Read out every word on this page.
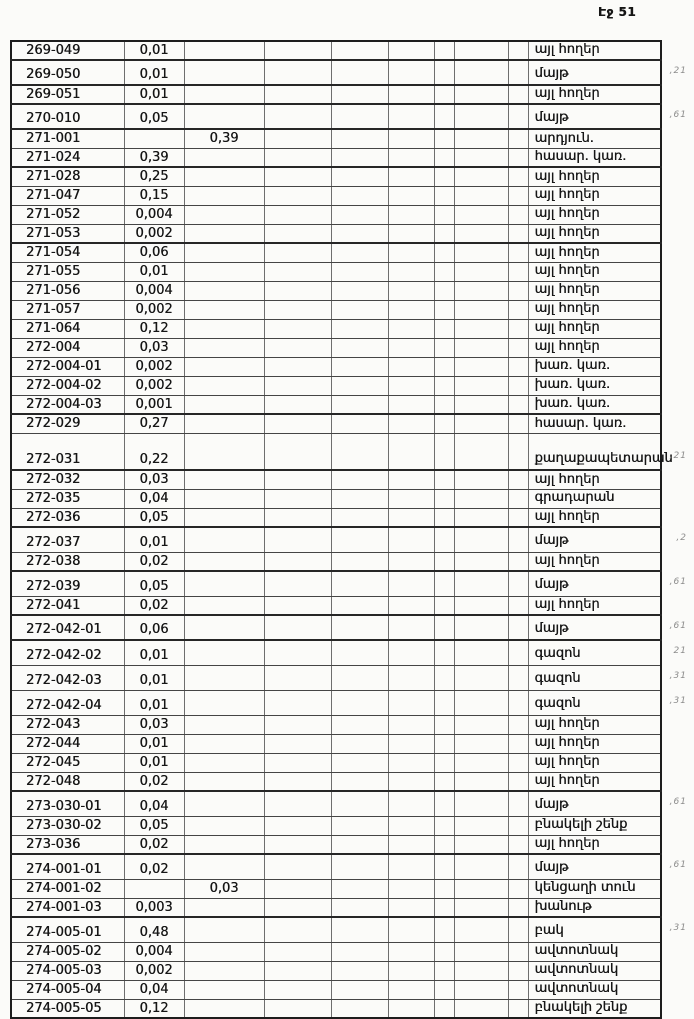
Էջ 51
269-049	0,01								այլ հողեր
269-050	0,01								մայթ ,21

269-051	0,01								այլ հողեր
270-010	0,05								մայթ ,61

271-001		0,39							արդյուն.
271-024	0,39								հասար. կառ.
271-028	0,25								այլ հողեր
271-047	0,15								այլ հողեր
271-052	0,004								այլ հողեր
271-053	0,002								այլ հողեր
271-054	0,06								այլ հողեր
271-055	0,01								այլ հողեր
271-056	0,004								այլ հողեր
271-057	0,002								այլ հողեր
271-064	0,12								այլ հողեր
272-004	0,03								այլ հողեր
272-004-01	0,002								խառ. կառ.
272-004-02	0,002								խառ. կառ.
272-004-03	0,001								խառ. կառ.
272-029	0,27								հասար. կառ.
272-031	0,22								քաղաքապետարան
,21

272-032	0,03								այլ հողեր
272-035	0,04								գրադարան
272-036	0,05								այլ հողեր
272-037	0,01								մայթ ,2

272-038	0,02								այլ հողեր
272-039	0,05								մայթ ,61

272-041	0,02								այլ հողեր
272-042-01	0,06								մայթ ,61

272-042-02	0,01								գազոն 21

272-042-03	0,01								գազոն ,31

272-042-04	0,01								գազոն ,31

272-043	0,03								այլ հողեր
272-044	0,01								այլ հողեր
272-045	0,01								այլ հողեր
272-048	0,02								այլ հողեր
273-030-01	0,04								մայթ ,61

273-030-02	0,05								բնակելի շենք
273-036	0,02								այլ հողեր
274-001-01	0,02								մայթ ,61

274-001-02		0,03							կենցաղի տուն
274-001-03	0,003								խանութ
274-005-01	0,48								բակ ,31

274-005-02	0,004								ավտոտնակ
274-005-03	0,002								ավտոտնակ
274-005-04	0,04								ավտոտնակ
274-005-05	0,12								բնակելի շենք
